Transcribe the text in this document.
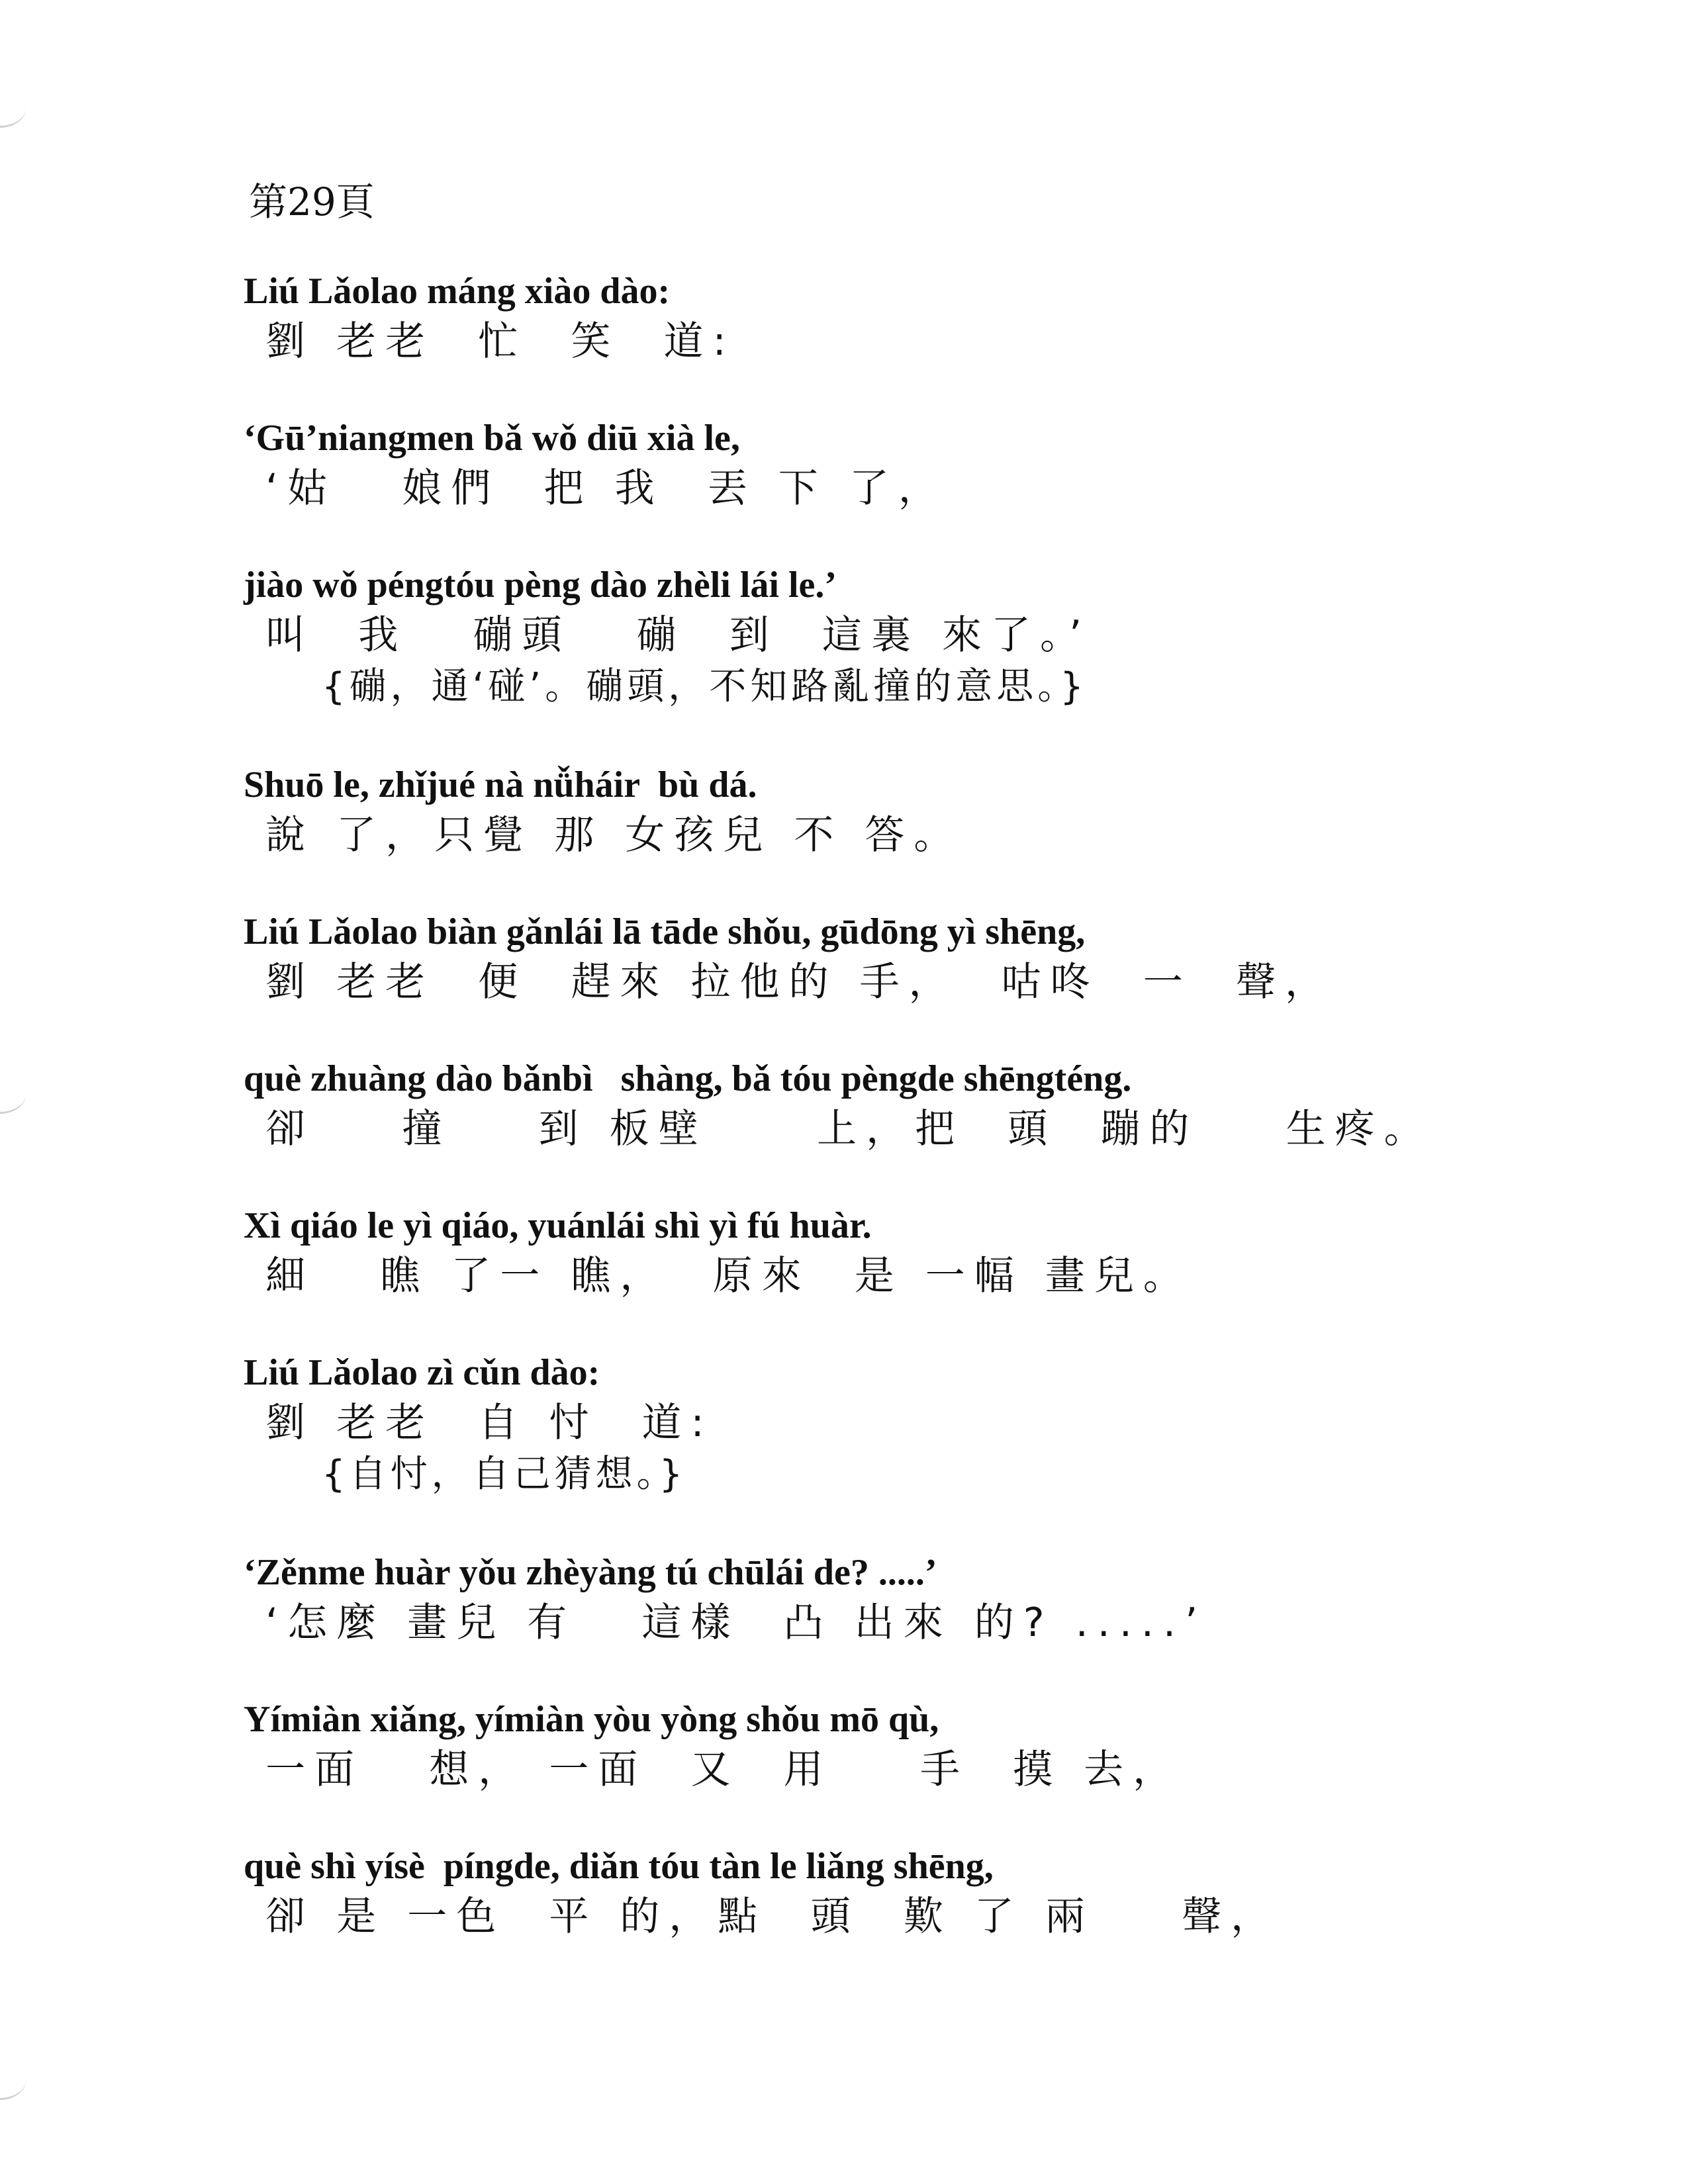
第29頁
Liú Lǎolao máng xiào dào:
劉 老老  忙  笑  道:
‘Gū’niangmen bǎ wǒ diū xià le,
‘姑   娘們  把 我  丟 下 了，
jiào wǒ péngtóu pèng dào zhèli lái le.’
叫  我   磞頭   磞  到  這裏 來了。’
{磞，通‘碰’。磞頭，不知路亂撞的意思。}
Shuō le, zhǐjué nà nǚháir  bù dá.
說 了，只覺 那 女孩兒 不 答。
Liú Lǎolao biàn gǎnlái lā tāde shǒu, gūdōng yì shēng,
劉 老老  便  趕來 拉他的 手，  咕咚  一  聲，
què zhuàng dào bǎnbì   shàng, bǎ tóu pèngde shēngténg.
卻    撞    到 板壁     上，把  頭  蹦的    生疼。
Xì qiáo le yì qiáo, yuánlái shì yì fú huàr.
細   瞧 了一 瞧，  原來  是 一幅 畫兒。
Liú Lǎolao zì cǔn dào:
劉 老老  自 忖  道:
{自忖，自己猜想。}
‘Zěnme huàr yǒu zhèyàng tú chūlái de? .....’
‘怎麼 畫兒 有   這樣  凸 出來 的? .....’
Yímiàn xiǎng, yímiàn yòu yòng shǒu mō qù,
一面   想， 一面  又  用    手  摸 去，
què shì yísè  píngde, diǎn tóu tàn le liǎng shēng,
卻 是 一色  平 的，點  頭  歎 了 兩    聲，
